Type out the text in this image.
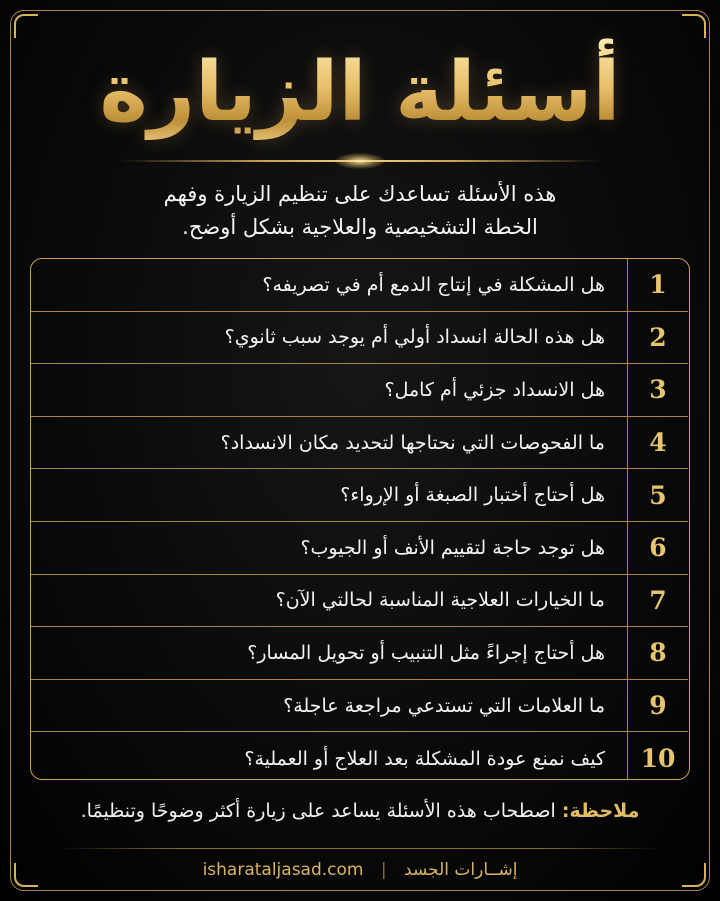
أسئلة الزيارة
هذه الأسئلة تساعدك على تنظيم الزيارة وفهم
الخطة التشخيصية والعلاجية بشكل أوضح.
1
هل المشكلة في إنتاج الدمع أم في تصريفه؟
2
هل هذه الحالة انسداد أولي أم يوجد سبب ثانوي؟
3
هل الانسداد جزئي أم كامل؟
4
ما الفحوصات التي نحتاجها لتحديد مكان الانسداد؟
5
هل أحتاج أختبار الصبغة أو الإرواء؟
6
هل توجد حاجة لتقييم الأنف أو الجيوب؟
7
ما الخيارات العلاجية المناسبة لحالتي الآن؟
8
هل أحتاج إجراءً مثل التنبيب أو تحويل المسار؟
9
ما العلامات التي تستدعي مراجعة عاجلة؟
10
كيف نمنع عودة المشكلة بعد العلاج أو العملية؟
ملاحظة: اصطحاب هذه الأسئلة يساعد على زيارة أكثر وضوحًا وتنظيمًا.
isharataljasad.com | إشــارات الجسد
